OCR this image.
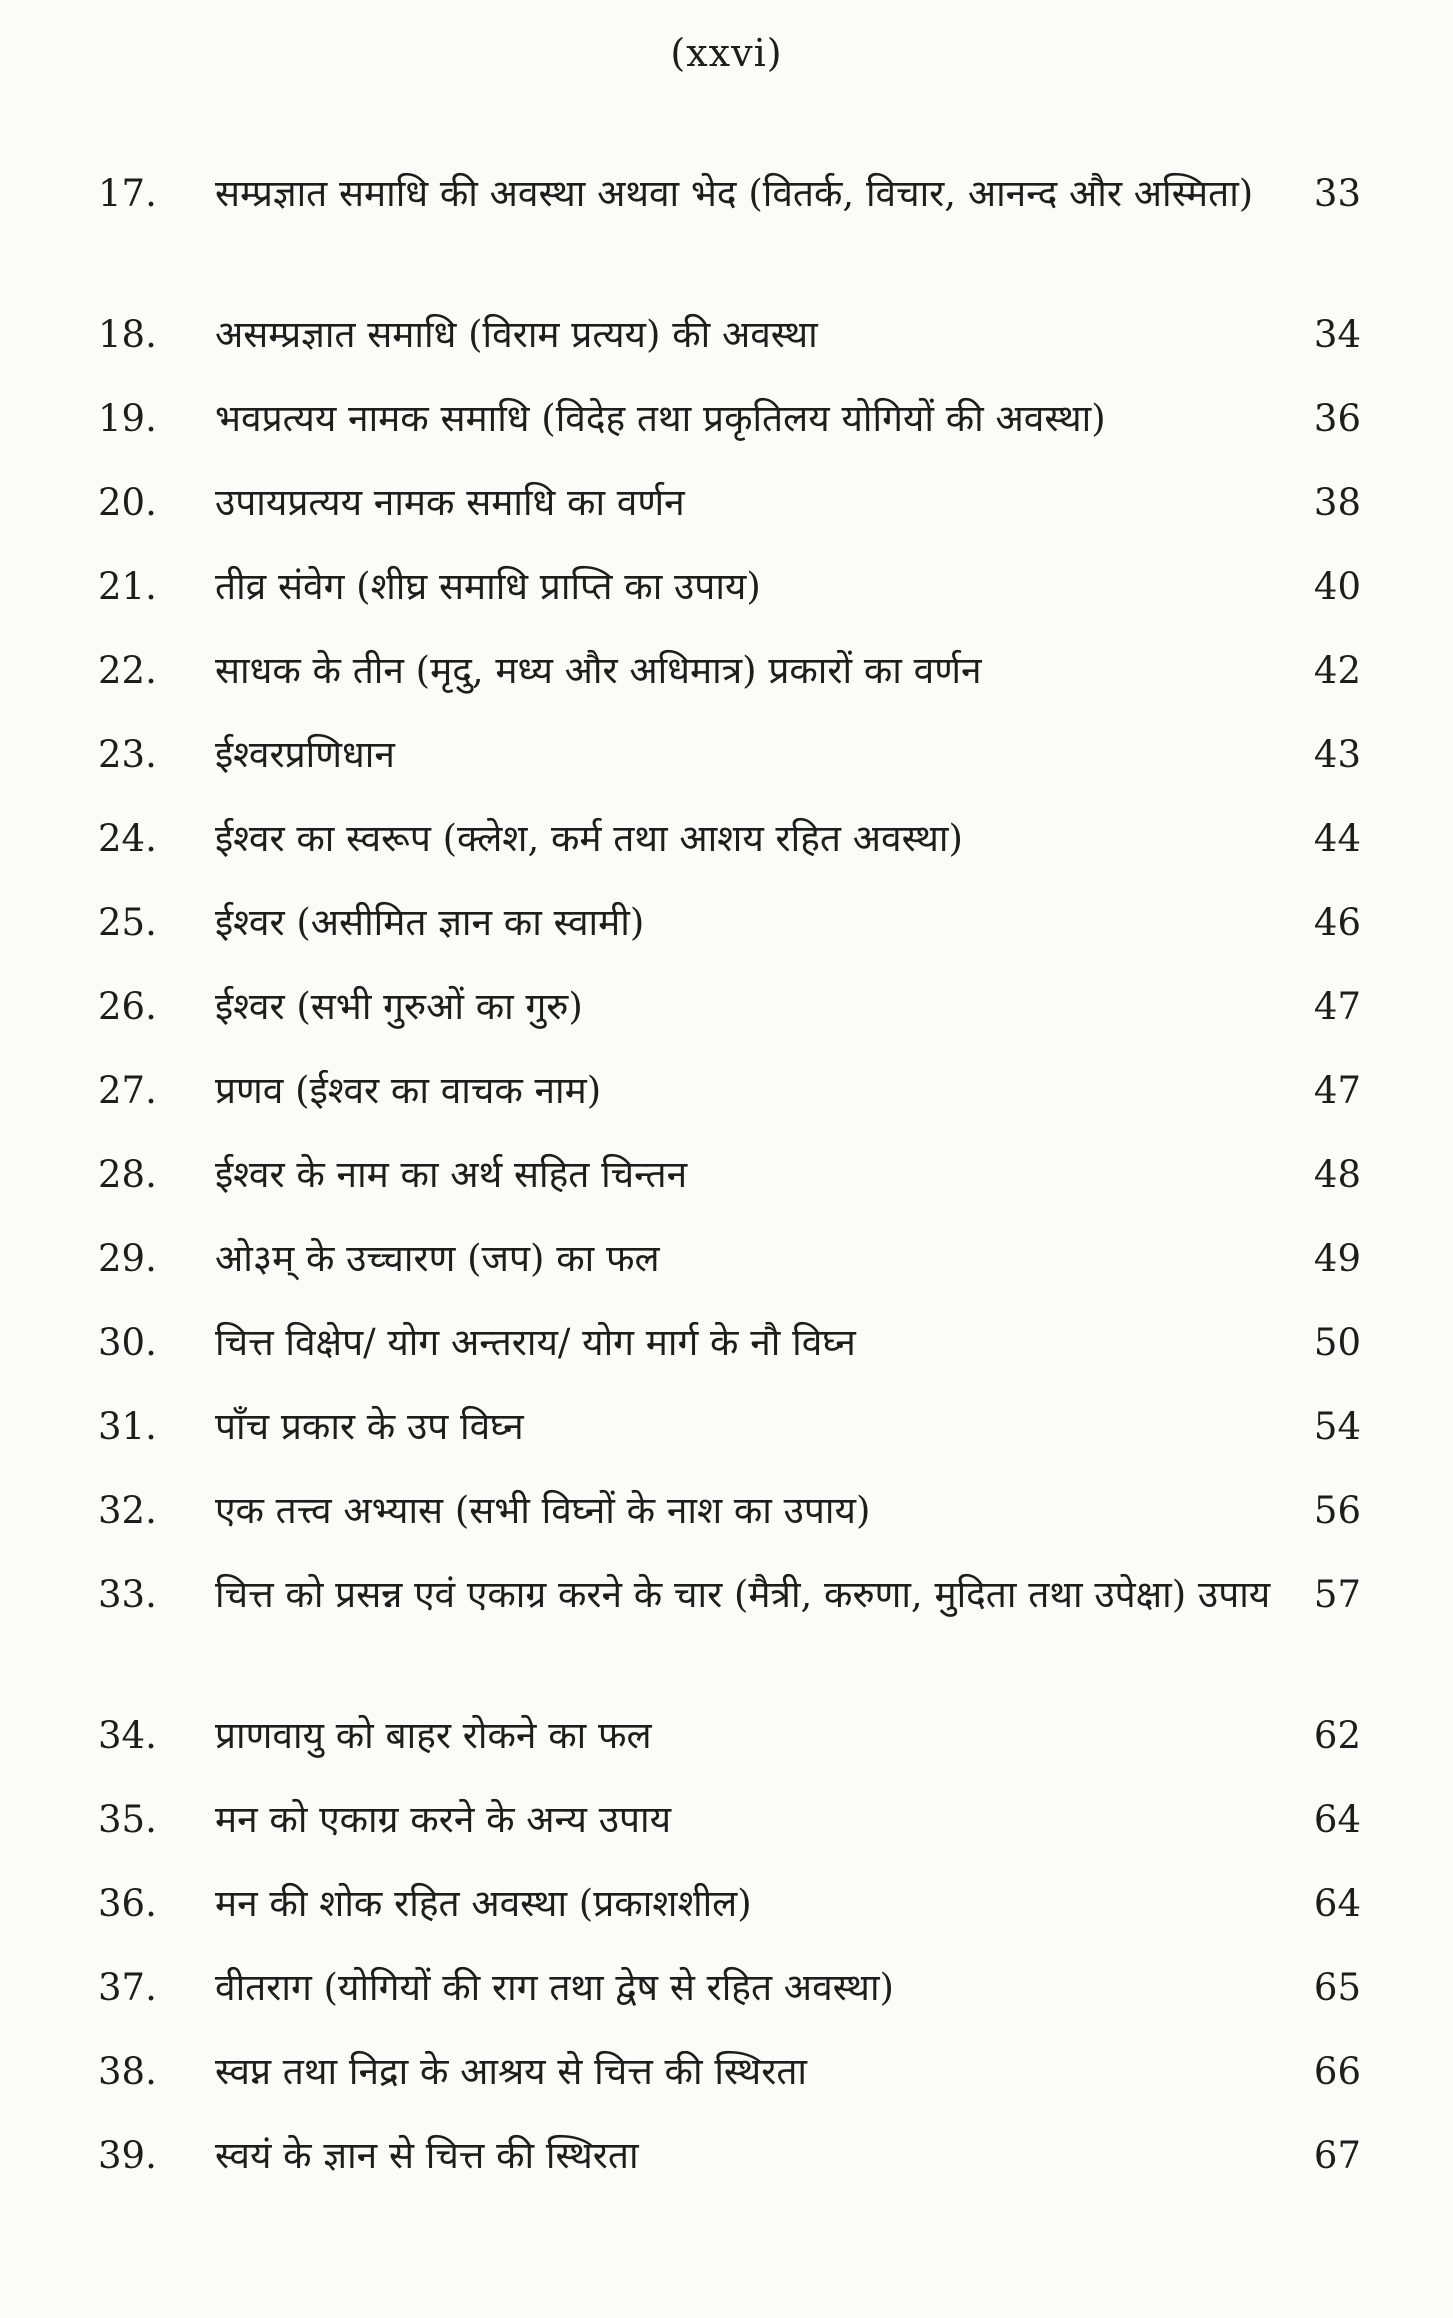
(xxvi)
17.	सम्प्रज्ञात समाधि की अवस्था अथवा भेद (वितर्क, विचार, आनन्द और अस्मिता)	33
18.	असम्प्रज्ञात समाधि (विराम प्रत्यय) की अवस्था	34
19.	भवप्रत्यय नामक समाधि (विदेह तथा प्रकृतिलय योगियों की अवस्था)	36
20.	उपायप्रत्यय नामक समाधि का वर्णन	38
21.	तीव्र संवेग (शीघ्र समाधि प्राप्ति का उपाय)	40
22.	साधक के तीन (मृदु, मध्य और अधिमात्र) प्रकारों का वर्णन	42
23.	ईश्वरप्रणिधान	43
24.	ईश्वर का स्वरूप (क्लेश, कर्म तथा आशय रहित अवस्था)	44
25.	ईश्वर (असीमित ज्ञान का स्वामी)	46
26.	ईश्वर (सभी गुरुओं का गुरु)	47
27.	प्रणव (ईश्वर का वाचक नाम)	47
28.	ईश्वर के नाम का अर्थ सहित चिन्तन	48
29.	ओ३म् के उच्चारण (जप) का फल	49
30.	चित्त विक्षेप/ योग अन्तराय/ योग मार्ग के नौ विघ्न	50
31.	पाँच प्रकार के उप विघ्न	54
32.	एक तत्त्व अभ्यास (सभी विघ्नों के नाश का उपाय)	56
33.	चित्त को प्रसन्न एवं एकाग्र करने के चार (मैत्री, करुणा, मुदिता तथा उपेक्षा) उपाय	57
34.	प्राणवायु को बाहर रोकने का फल	62
35.	मन को एकाग्र करने के अन्य उपाय	64
36.	मन की शोक रहित अवस्था (प्रकाशशील)	64
37.	वीतराग (योगियों की राग तथा द्वेष से रहित अवस्था)	65
38.	स्वप्न तथा निद्रा के आश्रय से चित्त की स्थिरता	66
39.	स्वयं के ज्ञान से चित्त की स्थिरता	67
